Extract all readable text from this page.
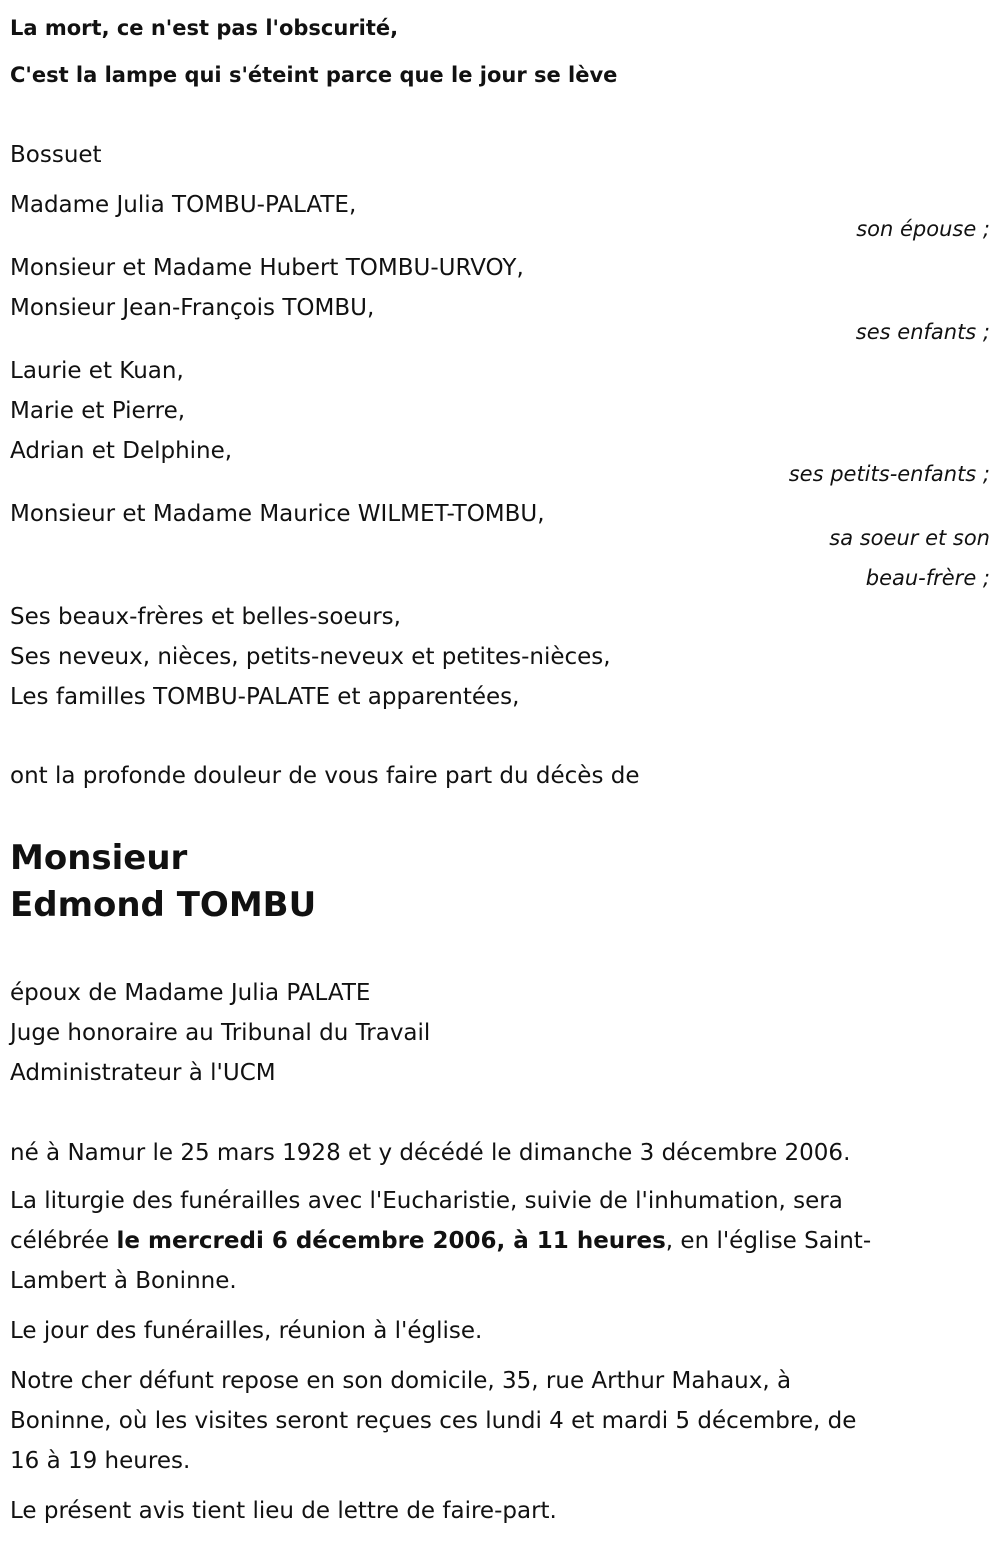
La mort, ce n'est pas l'obscurité,
C'est la lampe qui s'éteint parce que le jour se lève
Bossuet
Madame Julia TOMBU-PALATE,
son épouse ;
Monsieur et Madame Hubert TOMBU-URVOY,
Monsieur Jean-François TOMBU,
ses enfants ;
Laurie et Kuan,
Marie et Pierre,
Adrian et Delphine,
ses petits-enfants ;
Monsieur et Madame Maurice WILMET-TOMBU,
sa soeur et son
beau-frère ;
Ses beaux-frères et belles-soeurs,
Ses neveux, nièces, petits-neveux et petites-nièces,
Les familles TOMBU-PALATE et apparentées,
ont la profonde douleur de vous faire part du décès de
Monsieur
Edmond TOMBU
époux de Madame Julia PALATE
Juge honoraire au Tribunal du Travail
Administrateur à l'UCM
né à Namur le 25 mars 1928 et y décédé le dimanche 3 décembre 2006.
La liturgie des funérailles avec l'Eucharistie, suivie de l'inhumation, sera
célébrée le mercredi 6 décembre 2006, à 11 heures, en l'église Saint-
Lambert à Boninne.
Le jour des funérailles, réunion à l'église.
Notre cher défunt repose en son domicile, 35, rue Arthur Mahaux, à
Boninne, où les visites seront reçues ces lundi 4 et mardi 5 décembre, de
16 à 19 heures.
Le présent avis tient lieu de lettre de faire-part.
